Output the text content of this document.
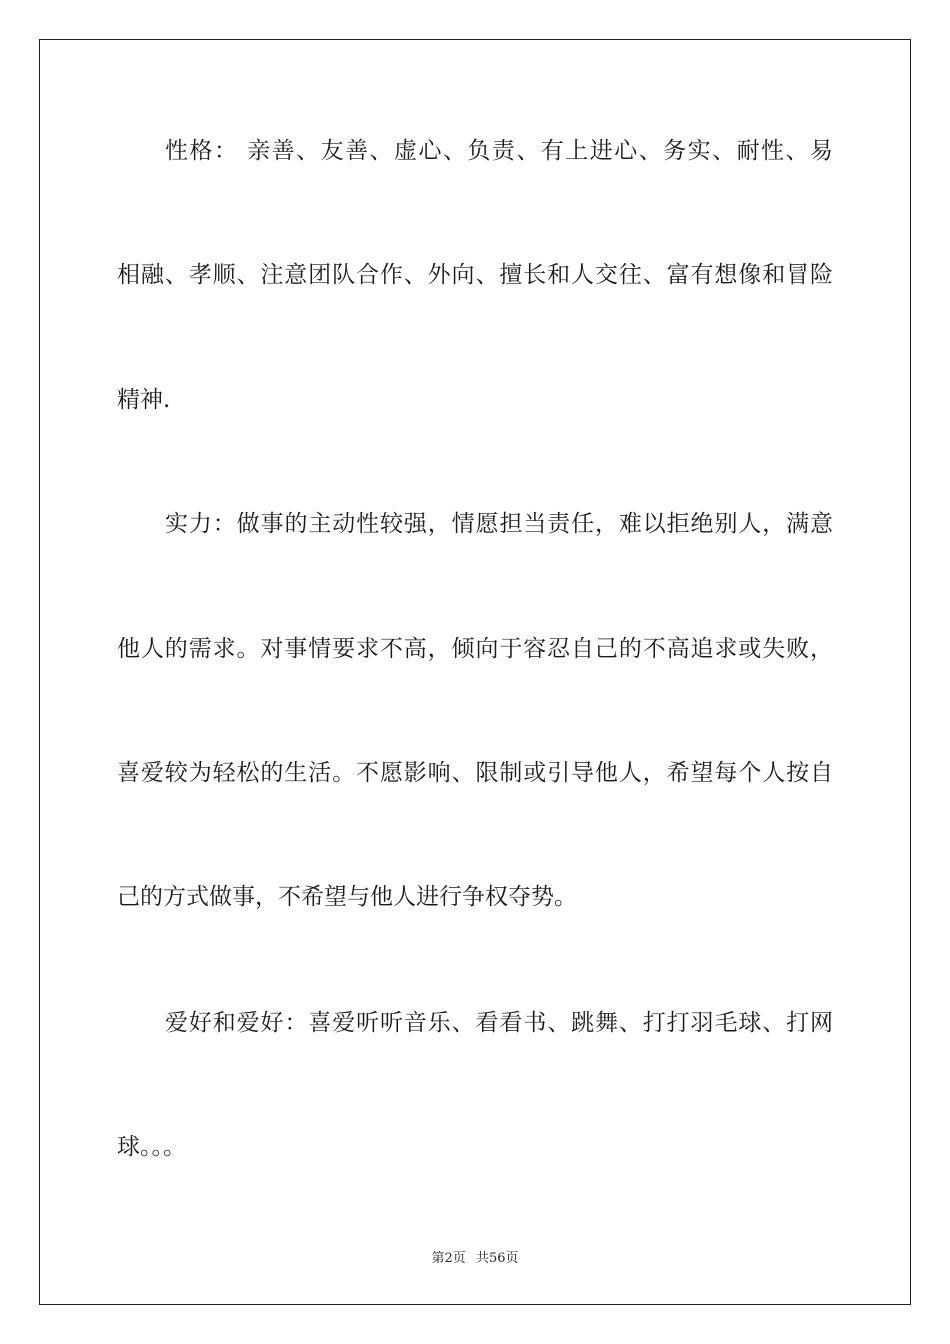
性格： 亲善、友善、虚心、负责、有上进心、务实、耐性、易
相融、孝顺、注意团队合作、外向、擅长和人交往、富有想像和冒险
精神.
实力：做事的主动性较强，情愿担当责任，难以拒绝别人，满意
他人的需求。对事情要求不高，倾向于容忍自己的不高追求或失败，
喜爱较为轻松的生活。不愿影响、限制或引导他人，希望每个人按自
己的方式做事，不希望与他人进行争权夺势。
爱好和爱好：喜爱听听音乐、看看书、跳舞、打打羽毛球、打网
球。。。
第2页 共56页
